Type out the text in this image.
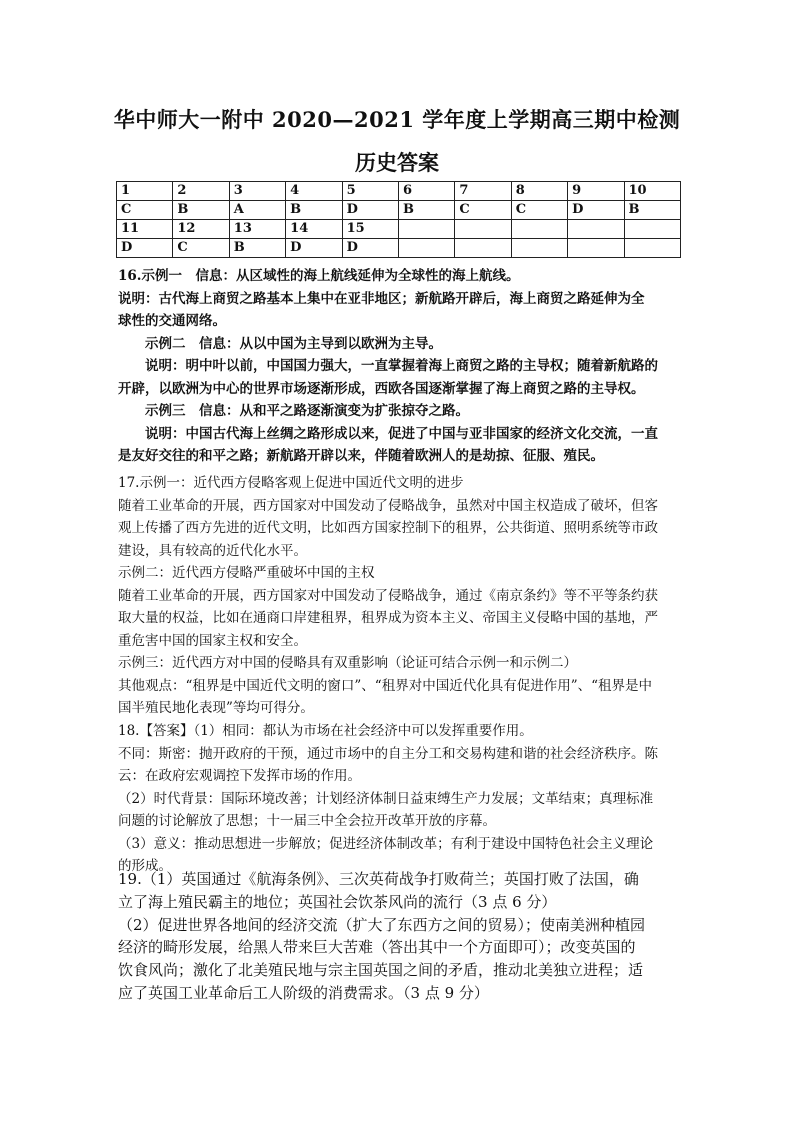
华中师大一附中 2020—2021 学年度上学期高三期中检测
历史答案
1	2	3	4	5	6	7	8	9	10
C	B	A	B	D	B	C	C	D	B
11	12	13	14	15					
D	C	B	D	D					

16.示例一　信息：从区域性的海上航线延伸为全球性的海上航线。

说明：古代海上商贸之路基本上集中在亚非地区；新航路开辟后，海上商贸之路延伸为全

球性的交通网络。

示例二　信息：从以中国为主导到以欧洲为主导。

说明：明中叶以前，中国国力强大，一直掌握着海上商贸之路的主导权；随着新航路的

开辟，以欧洲为中心的世界市场逐渐形成，西欧各国逐渐掌握了海上商贸之路的主导权。

示例三　信息：从和平之路逐渐演变为扩张掠夺之路。

说明：中国古代海上丝绸之路形成以来，促进了中国与亚非国家的经济文化交流，一直

是友好交往的和平之路；新航路开辟以来，伴随着欧洲人的是劫掠、征服、殖民。

17.示例一：近代西方侵略客观上促进中国近代文明的进步

随着工业革命的开展，西方国家对中国发动了侵略战争，虽然对中国主权造成了破坏，但客

观上传播了西方先进的近代文明，比如西方国家控制下的租界，公共街道、照明系统等市政

建设，具有较高的近代化水平。

示例二：近代西方侵略严重破坏中国的主权

随着工业革命的开展，西方国家对中国发动了侵略战争，通过《南京条约》等不平等条约获

取大量的权益，比如在通商口岸建租界，租界成为资本主义、帝国主义侵略中国的基地，严

重危害中国的国家主权和安全。

示例三：近代西方对中国的侵略具有双重影响（论证可结合示例一和示例二）

其他观点：“租界是中国近代文明的窗口”、“租界对中国近代化具有促进作用”、“租界是中

国半殖民地化表现”等均可得分。

18.【答案】（1）相同：都认为市场在社会经济中可以发挥重要作用。

不同：斯密：抛开政府的干预，通过市场中的自主分工和交易构建和谐的社会经济秩序。陈

云：在政府宏观调控下发挥市场的作用。

（2）时代背景：国际环境改善；计划经济体制日益束缚生产力发展；文革结束；真理标准

问题的讨论解放了思想；十一届三中全会拉开改革开放的序幕。

（3）意义：推动思想进一步解放；促进经济体制改革；有利于建设中国特色社会主义理论

的形成。

19.（1）英国通过《航海条例》、三次英荷战争打败荷兰；英国打败了法国，确

立了海上殖民霸主的地位；英国社会饮茶风尚的流行（3 点 6 分）

（2）促进世界各地间的经济交流（扩大了东西方之间的贸易）；使南美洲种植园

经济的畸形发展，给黑人带来巨大苦难（答出其中一个方面即可）；改变英国的

饮食风尚；激化了北美殖民地与宗主国英国之间的矛盾，推动北美独立进程；适

应了英国工业革命后工人阶级的消费需求。（3 点 9 分）
